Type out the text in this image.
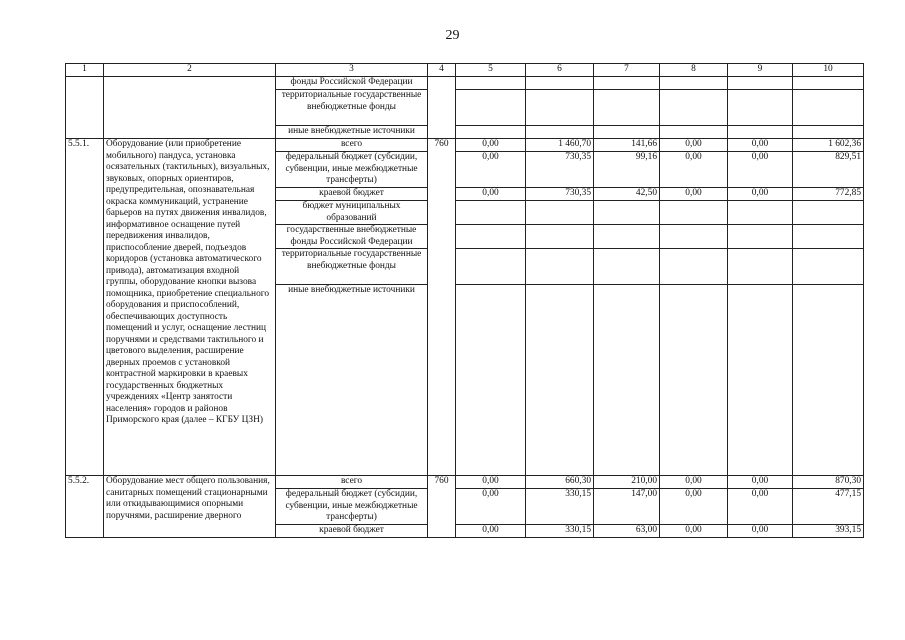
29
1	2	3	4	5	6	7	8	9	10
		фонды Российской Федерации							
		территориальные государственные внебюджетные фонды							
		иные внебюджетные источники							
5.5.1.	Оборудование (или приобретение мобильного) пандуса, установка осязательных (тактильных), визуальных, звуковых, опорных ориентиров, предупредительная, опознавательная окраска коммуникаций, устранение барьеров на путях движения инвалидов, информативное оснащение путей передвижения инвалидов, приспособление дверей, подъездов коридоров (установка автоматического привода), автоматизация входной группы, оборудование кнопки вызова помощника, приобретение специального оборудования и приспособлений, обеспечивающих доступность помещений и услуг, оснащение лестниц поручнями и средствами тактильного и цветового выделения, расширение дверных проемов с установкой контрастной маркировки в краевых государственных бюджетных учреждениях «Центр занятости населения» городов и районов Приморского края (далее – КГБУ ЦЗН)	всего	760	0,00	1 460,70	141,66	0,00	0,00	1 602,36
		федеральный бюджет (субсидии, субвенции, иные межбюджетные трансферты)		0,00	730,35	99,16	0,00	0,00	829,51
		краевой бюджет		0,00	730,35	42,50	0,00	0,00	772,85
		бюджет муниципальных образований							
		государственные внебюджетные фонды Российской Федерации							
		территориальные государственные внебюджетные фонды							
		иные внебюджетные источники							
5.5.2.	Оборудование мест общего пользования, санитарных помещений стационарными или откидывающимися опорными поручнями, расширение дверного	всего	760	0,00	660,30	210,00	0,00	0,00	870,30
		федеральный бюджет (субсидии, субвенции, иные межбюджетные трансферты)		0,00	330,15	147,00	0,00	0,00	477,15
		краевой бюджет		0,00	330,15	63,00	0,00	0,00	393,15
